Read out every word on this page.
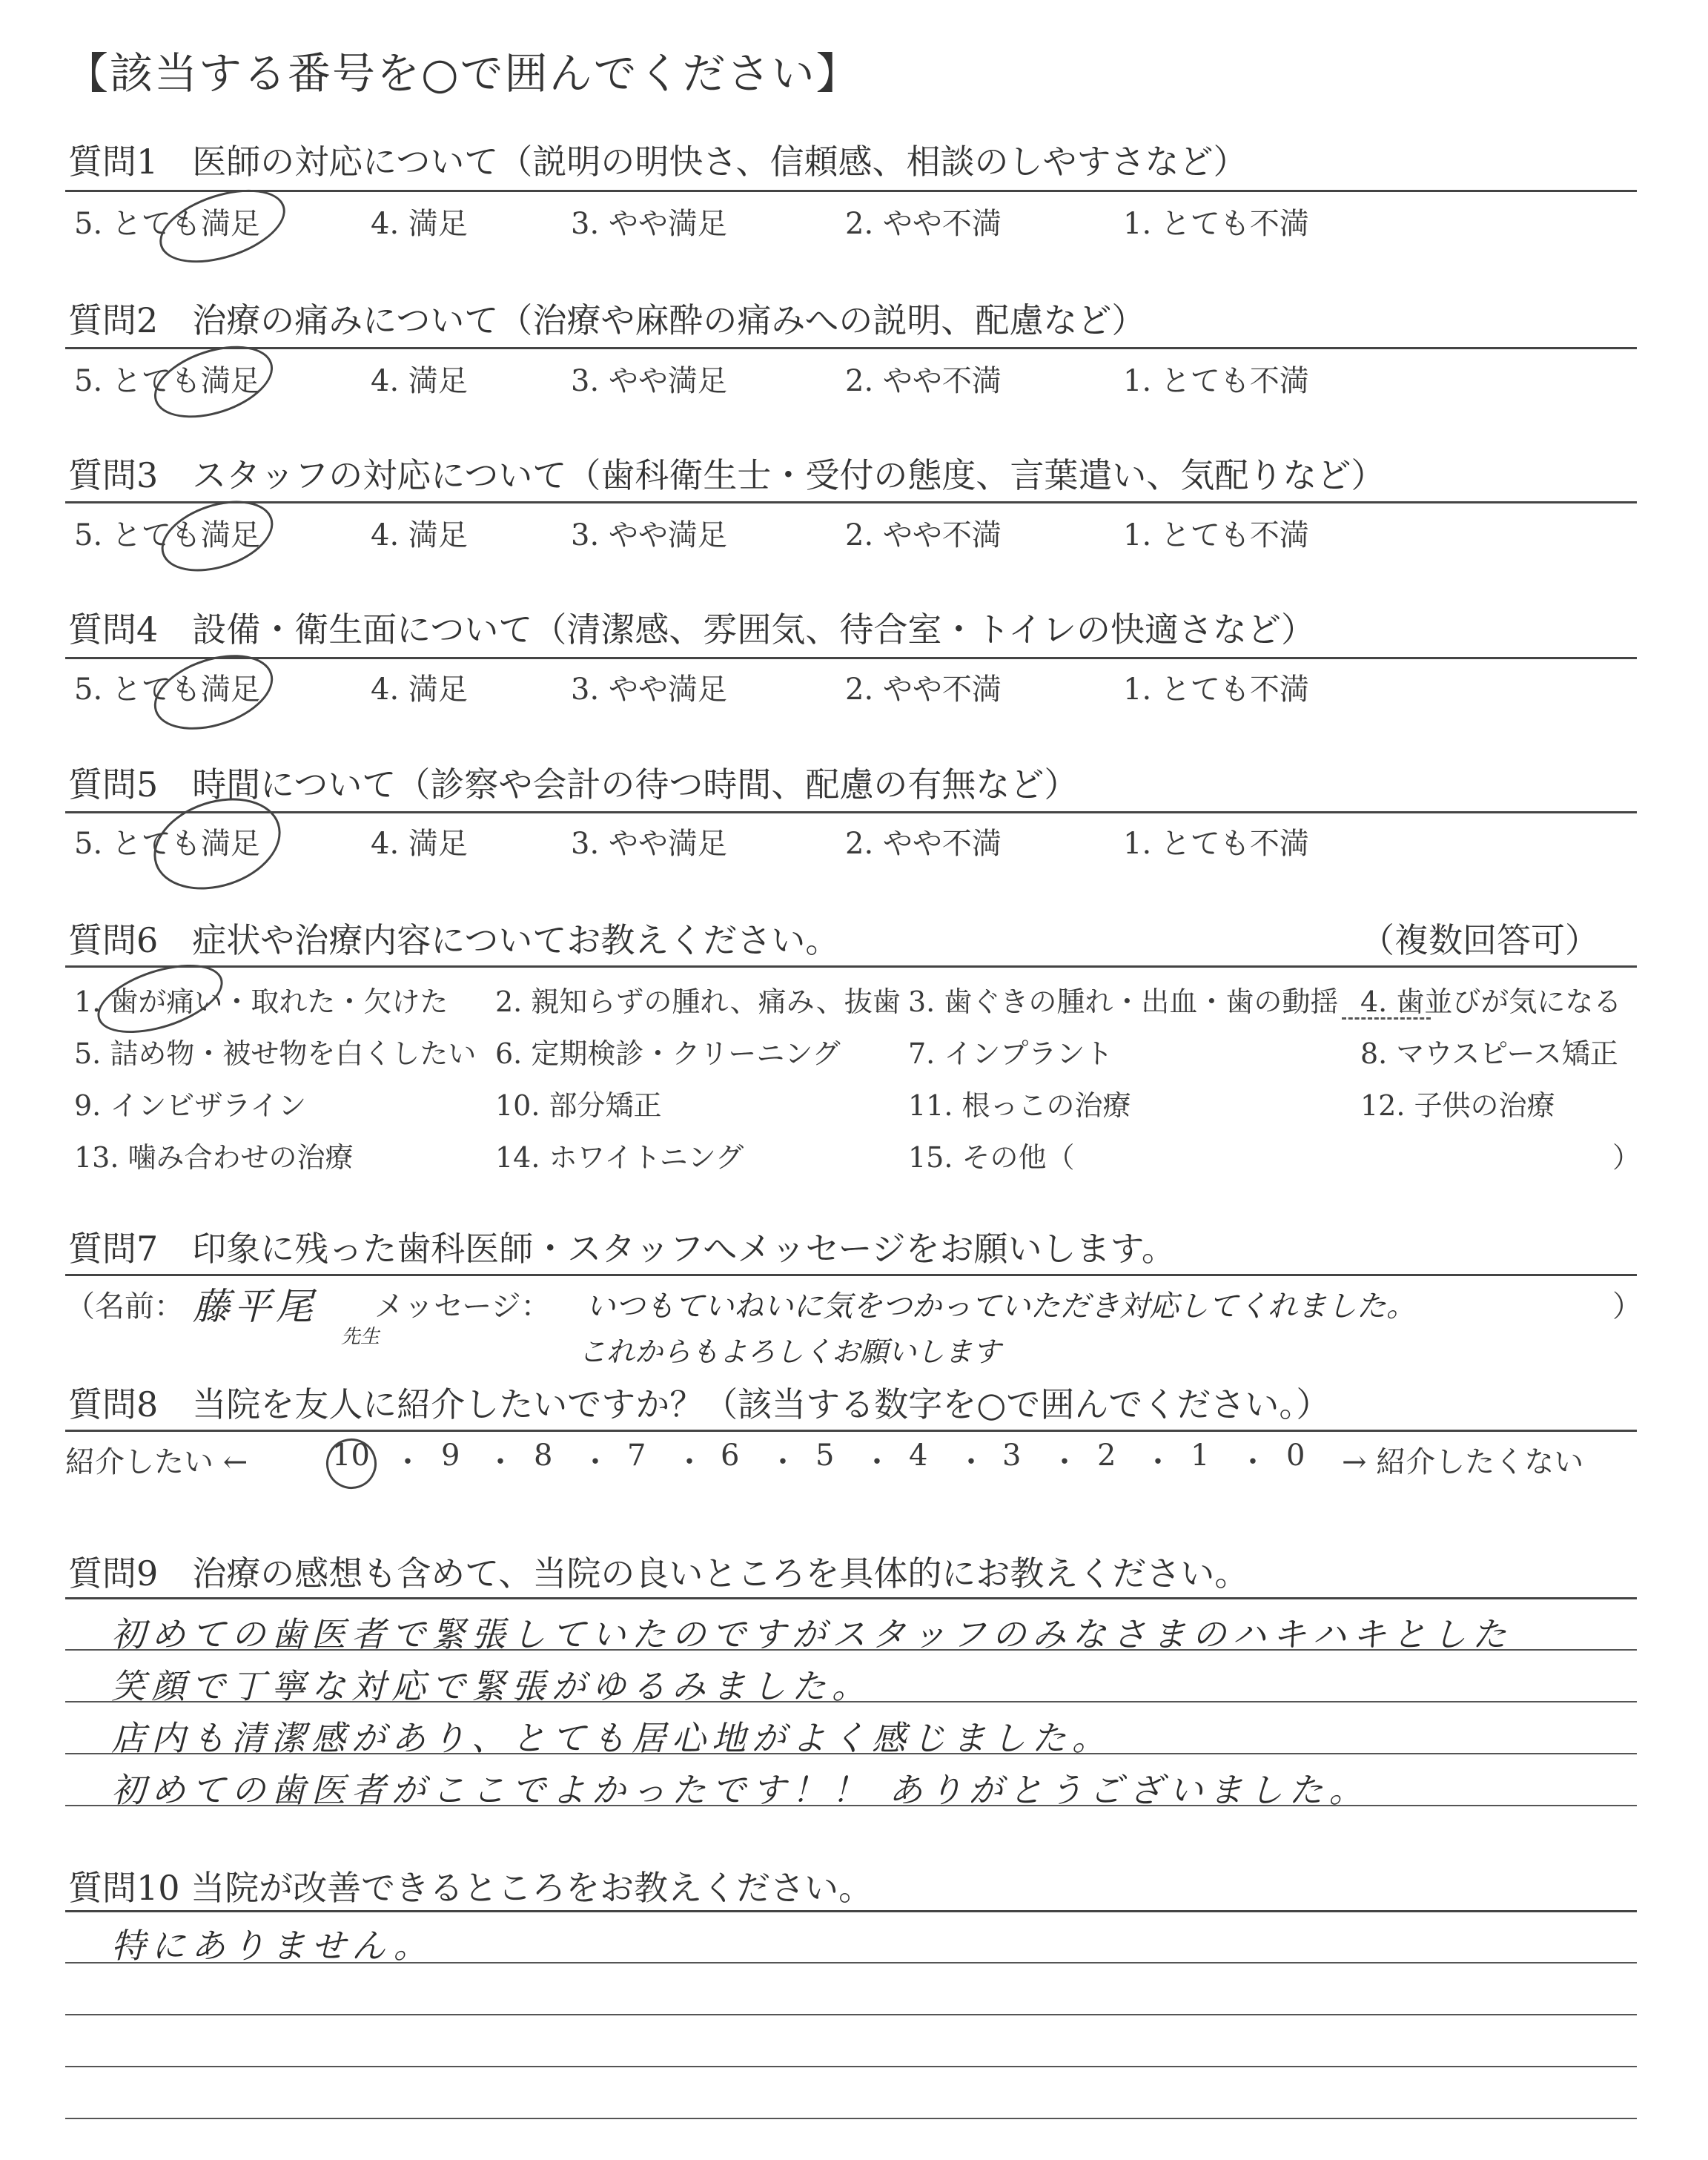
【該当する番号を○で囲んでください】
質問1　医師の対応について（説明の明快さ、信頼感、相談のしやすさなど）
5. とても満足	4. 満足	3. やや満足	2. やや不満	1. とても不満
質問2　治療の痛みについて（治療や麻酔の痛みへの説明、配慮など）
5. とても満足	4. 満足	3. やや満足	2. やや不満	1. とても不満
質問3　スタッフの対応について（歯科衛生士・受付の態度、言葉遣い、気配りなど）
5. とても満足	4. 満足	3. やや満足	2. やや不満	1. とても不満
質問4　設備・衛生面について（清潔感、雰囲気、待合室・トイレの快適さなど）
5. とても満足	4. 満足	3. やや満足	2. やや不満	1. とても不満
質問5　時間について（診察や会計の待つ時間、配慮の有無など）
5. とても満足	4. 満足	3. やや満足	2. やや不満	1. とても不満
質問6　症状や治療内容についてお教えください。	（複数回答可）
1. 歯が痛い・取れた・欠けた 2. 親知らずの腫れ、痛み、抜歯 3. 歯ぐきの腫れ・出血・歯の動揺 4. 歯並びが気になる
5. 詰め物・被せ物を白くしたい 6. 定期検診・クリーニング 7. インプラント	8. マウスピース矯正
9. インビザライン	10. 部分矯正	11. 根っこの治療	12. 子供の治療
13. 噛み合わせの治療	14. ホワイトニング	15. その他（	）
質問7　印象に残った歯科医師・スタッフへメッセージをお願いします。
（名前： 藤平尾
先生
メッセージ： いつもていねいに気をつかっていただき対応してくれました。
これからもよろしくお願いします
）
質問8　当院を友人に紹介したいですか？（該当する数字を○で囲んでください。）
紹介したい ←	→ 紹介したくない
10 ・ 9 ・ 8 ・ 7 ・ 6 ・ 5 ・ 4 ・ 3 ・ 2 ・ 1 ・ 0
質問9　治療の感想も含めて、当院の良いところを具体的にお教えください。
初めての歯医者で緊張していたのですがスタッフのみなさまのハキハキとした
笑顔で丁寧な対応で緊張がゆるみました。
店内も清潔感があり、とても居心地がよく感じました。
初めての歯医者がここでよかったです！！ ありがとうございました。
質問10 当院が改善できるところをお教えください。
特にありません。
